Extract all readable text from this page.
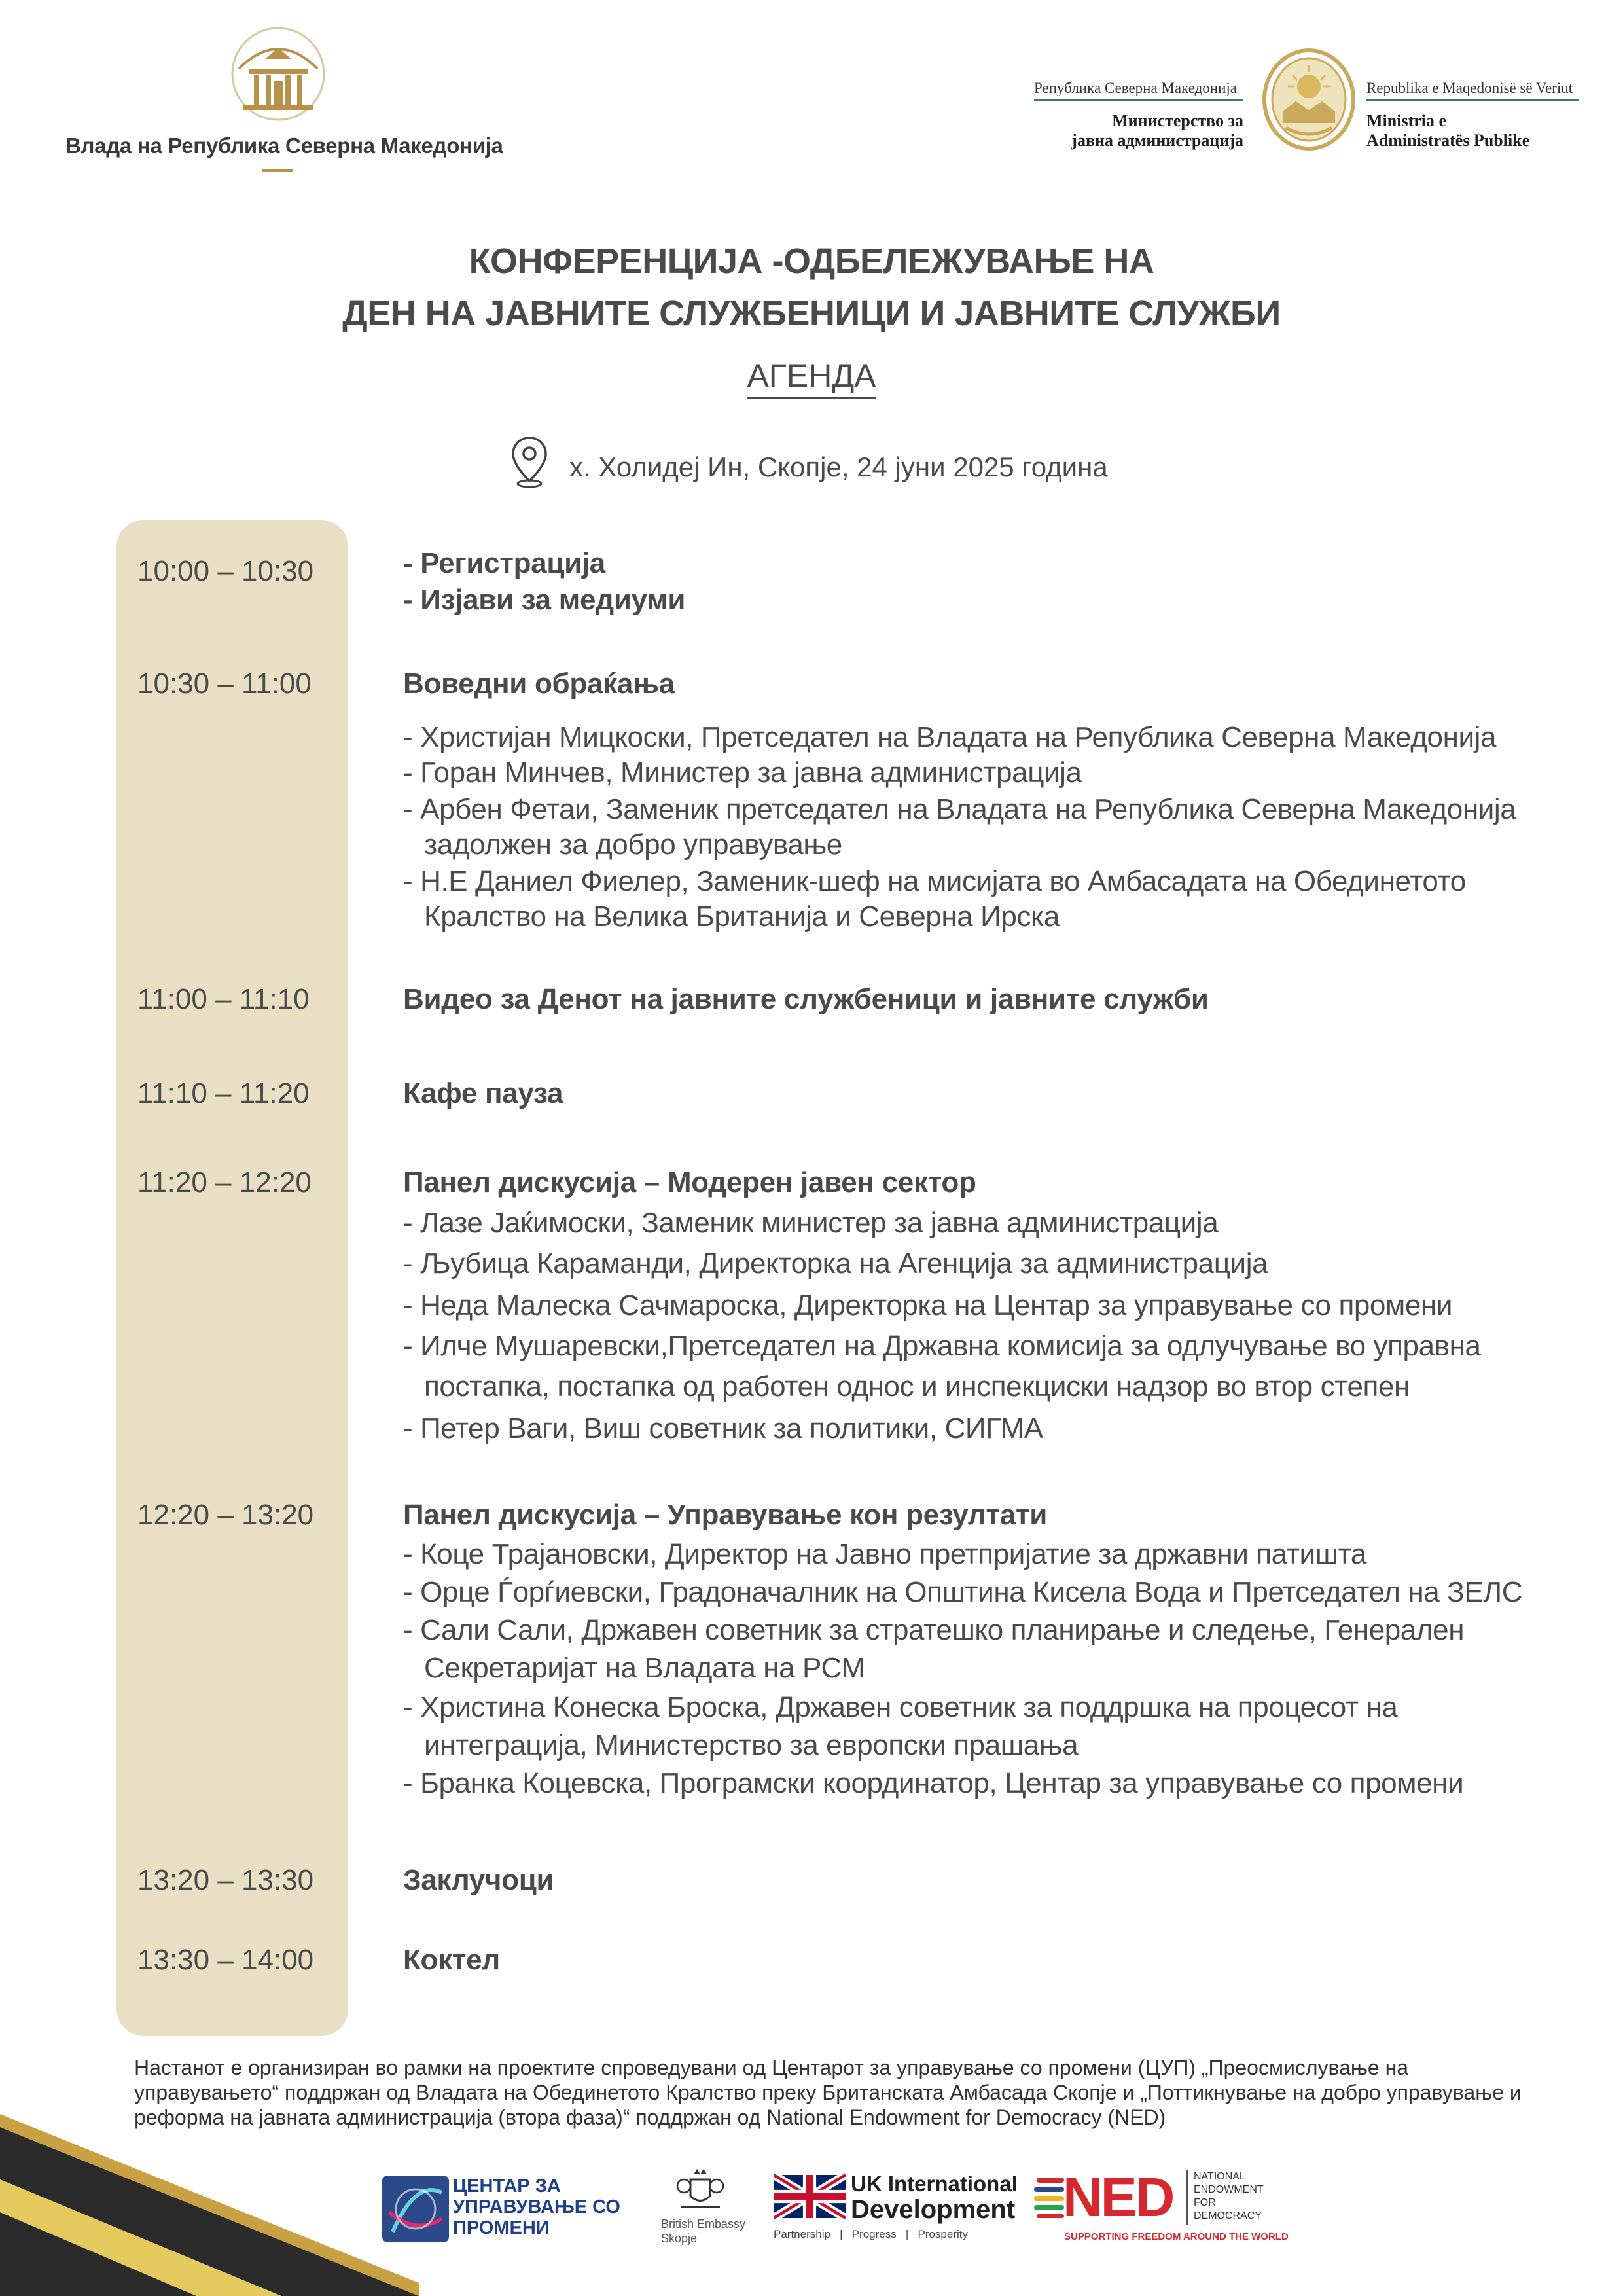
Влада на Република Северна Македонија
Република Северна Македонија
Министерство за
јавна администрација
Republika e Maqedonisë së Veriut
Ministria e
Administratës Publike
КОНФЕРЕНЦИЈА -ОДБЕЛЕЖУВАЊЕ НА
ДЕН НА ЈАВНИТЕ СЛУЖБЕНИЦИ И ЈАВНИТЕ СЛУЖБИ
АГЕНДА
х. Холидеј Ин, Скопје, 24 јуни 2025 година
10:00 – 10:30	- Регистрација
- Изјави за медиуми
10:30 – 11:00	Воведни обраќања
- Христијан Мицкоски, Претседател на Владата на Република Северна Македонија
- Горан Минчев, Министер за јавна администрација
- Арбен Фетаи, Заменик претседател на Владата на Република Северна Македонија
задолжен за добро управување
- Н.Е Даниел Фиелер, Заменик-шеф на мисијата во Амбасадата на Обединетото
Кралство на Велика Британија и Северна Ирска
11:00 – 11:10	Видео за Денот на јавните службеници и јавните служби
11:10 – 11:20	Кафе пауза
11:20 – 12:20	Панел дискусија – Модерен јавен сектор
- Лазе Јаќимоски, Заменик министер за јавна администрација
- Љубица Караманди, Директорка на Агенција за администрација
- Неда Малеска Сачмароска, Директорка на Центар за управување со промени
- Илче Мушаревски,Претседател на Државна комисија за одлучување во управна
постапка, постапка од работен однос и инспекциски надзор во втор степен
- Петер Ваги, Виш советник за политики, СИГМА
12:20 – 13:20	Панел дискусија – Управување кон резултати
- Коце Трајановски, Директор на Јавно претпријатие за државни патишта
- Орце Ѓорѓиевски, Градоначалник на Општина Кисела Вода и Претседател на ЗЕЛС
- Сали Сали, Државен советник за стратешко планирање и следење, Генерален
Секретаријат на Владата на РСМ
- Христина Конеска Броска, Државен советник за поддршка на процесот на
интеграција, Министерство за европски прашања
- Бранка Коцевска, Програмски координатор, Центар за управување со промени
13:20 – 13:30	Заклучоци
13:30 – 14:00	Коктел
Настанот е организиран во рамки на проектите спроведувани од Центарот за управување со промени (ЦУП) „Преосмислување на управувањето“ поддржан од Владата на Обединетото Кралство преку Британската Амбасада Скопје и „Поттикнување на добро управување и реформа на јавната администрација (втора фаза)“ поддржан од National Endowment for Democracy (NED)
ЦЕНТАР ЗА
УПРАВУВАЊЕ СО
ПРОМЕНИ	British Embassy
Skopje
UK International
Development
Partnership   |   Progress   |   Prosperity
NED NATIONAL
ENDOWMENT
FOR
DEMOCRACY
SUPPORTING FREEDOM AROUND THE WORLD
